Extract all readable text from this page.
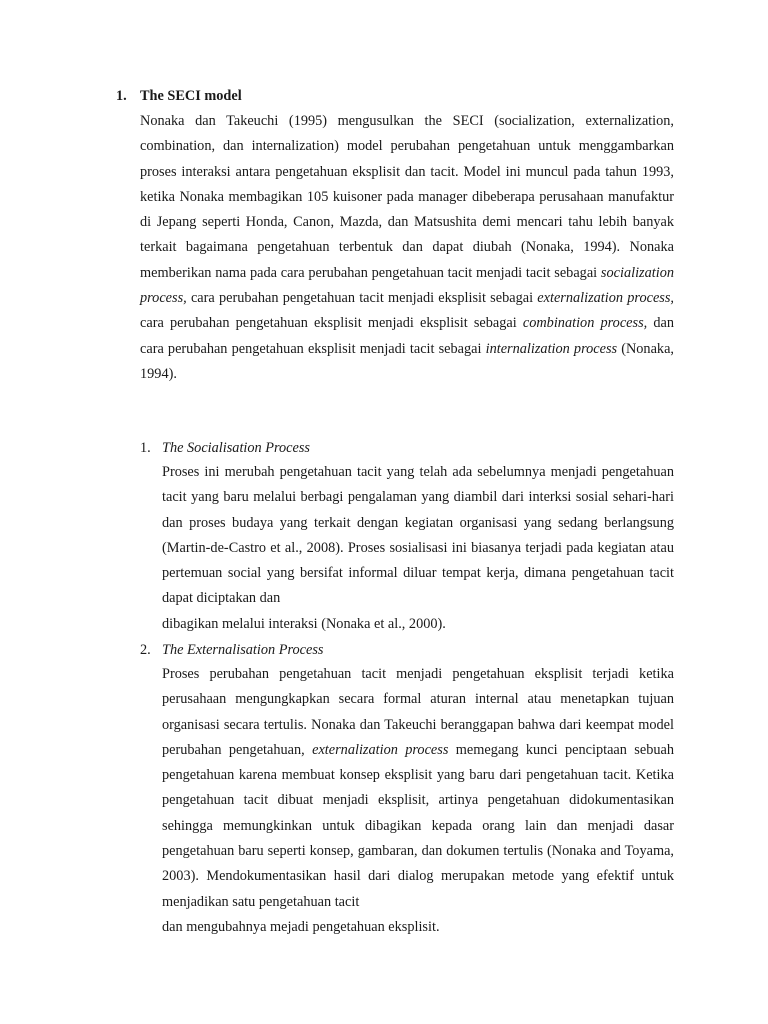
1. The SECI model

Nonaka dan Takeuchi (1995) mengusulkan the SECI (socialization, externalization, combination, dan internalization) model perubahan pengetahuan untuk menggambarkan proses interaksi antara pengetahuan eksplisit dan tacit. Model ini muncul pada tahun 1993, ketika Nonaka membagikan 105 kuisoner pada manager dibeberapa perusahaan manufaktur di Jepang seperti Honda, Canon, Mazda, dan Matsushita demi mencari tahu lebih banyak terkait bagaimana pengetahuan terbentuk dan dapat diubah (Nonaka, 1994). Nonaka memberikan nama pada cara perubahan pengetahuan tacit menjadi tacit sebagai socialization process, cara perubahan pengetahuan tacit menjadi eksplisit sebagai externalization process, cara perubahan pengetahuan eksplisit menjadi eksplisit sebagai combination process, dan cara perubahan pengetahuan eksplisit menjadi tacit sebagai internalization process (Nonaka, 1994).

1. The Socialisation Process

Proses ini merubah pengetahuan tacit yang telah ada sebelumnya menjadi pengetahuan tacit yang baru melalui berbagi pengalaman yang diambil dari interksi sosial sehari-hari dan proses budaya yang terkait dengan kegiatan organisasi yang sedang berlangsung (Martin-de-Castro et al., 2008). Proses sosialisasi ini biasanya terjadi pada kegiatan atau pertemuan social yang bersifat informal diluar tempat kerja, dimana pengetahuan tacit dapat diciptakan dan
dibagikan melalui interaksi (Nonaka et al., 2000).

2. The Externalisation Process

Proses perubahan pengetahuan tacit menjadi pengetahuan eksplisit terjadi ketika perusahaan mengungkapkan secara formal aturan internal atau menetapkan tujuan organisasi secara tertulis. Nonaka dan Takeuchi beranggapan bahwa dari keempat model perubahan pengetahuan, externalization process memegang kunci penciptaan sebuah pengetahuan karena membuat konsep eksplisit yang baru dari pengetahuan tacit. Ketika pengetahuan tacit dibuat menjadi eksplisit, artinya pengetahuan didokumentasikan sehingga memungkinkan untuk dibagikan kepada orang lain dan menjadi dasar pengetahuan baru seperti konsep, gambaran, dan dokumen tertulis (Nonaka and Toyama, 2003). Mendokumentasikan hasil dari dialog merupakan metode yang efektif untuk menjadikan satu pengetahuan tacit
dan mengubahnya mejadi pengetahuan eksplisit.
